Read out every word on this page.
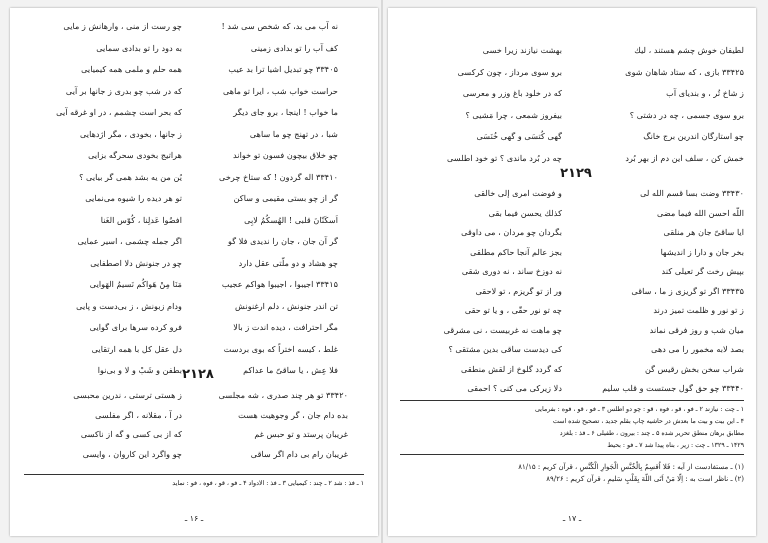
نه آب می بد، که شخص سی شد !
کف آب را تو بدادی زمینی
۳۳۴۰۵ چو تبدیل اشیا ترا بد عیب
حراست خواب شب ، ایرا تو ماهی
ما خواب ! اینجا ، برو جای دیگر
شبا ، در تهنج چو ما ساهی
چو خلاق بیچون فسون تو خواند
۳۳۴۱۰ اله گردون ! که ستاخ چرخی
گر از چو بستی مقیمی و ساکن
اَسکَنّانَ قلبی ! الهُسکُمُ لابِی
گر آن جان ، جان را ندیدی فلا گو
چو هشاد و دو ملّتی عقل دارد
۳۳۴۱۵ اجیبوا ، اجیبوا هواکم عجیب
تن اندر جنونش ، دلم ارغنونش
مگر احترافت ، دیده اندت ز بالا
غلط ، کیسه اختراً که بوی بردست
فلا عِش ، یا ساقیّ ما عداکم
چو رست از منی ، وارهانش ز مایی
به دود را تو بدادی سمایی
همه حلم و ملمی همه کیمیایی
که در شب چو بدری ز جانها بر آیی
که بحر است چشمم ، در او غرقه آیی
ز جانها ، بخودی ، مگر اژدهایی
هراتیج بخودی سحرگه بزایی
یُن من یه بشد همی گر بیایی ؟
تو هر دیده را شیوه می‌نمایی
افضُوا عَدلِنا ، کُوّس الغَنا
اگر جمله چشمی ، اسیر عمایی
چو در جنونش دلا اصطفایی
مَنَا مِنْ هَواکُم نَسیمُ الهَوایی
ودام زبونش ، ز بی‌دست و پایی
فرو کرده سرها برای گوایی
دل عقل کل با همه ارتقایی
بطفن و شَبْ و لا و بی‌نوا ۲۱۲۸
۳۳۴۲۰ تو هر چند صدری ، شه مجلسی
بده دام جان ، گر وجوهیت هست
غریبان پرستد و تو حبس غم
غریبان رام بی دام اگر ساقی
ز هستی ترستی ، ندرین محبسی
در آ ، مقلانه ، اگر مفلسی
که از بی کسی و گه از ناکسی
چو واگرد این کاروان ، وایسی
۱ ـ فذ : شد ۲ ـ چند : کیمیایی ۳ ـ فذ : الادواد ۴ ـ فو ، قو ، فوه ، فو : نماید
ـ ۱۶ ـ
لطیفان خوش چشم هستند ، لیك
۳۳۴۲۵ بازی ، که ستاد شاهان شوی
ز شاخ تُر ، و بندیای آب
برو سوی جسمی ، چه در دشتی ؟
چو استارگان اندرین برج خانگ
خمش کن ، سلف این دم از بهر بُرد
بهشت نیازند زیرا خسی
برو سوی مرداز ، چون کرکسی
که در خلود باغ وزر و معرسی
بیفروز شمعی ، چرا مَشیی ؟
گهی کُتسَی و گهی خُنَسَی
چه در بُرد ماندی ؟ تو خود اطلسی
۲۱۲۹
۳۳۴۳۰ وضت بسا قسم الله لی
اللّه احسن الله فیما مضی
ایا ساقیّ جان هر منلقی
بخر جان و دارا ز اندیشها
بپیش رخت گر تعیلی کند
۳۳۴۳۵ اگر تو گریزی ز ما ، ساقی
ز تو نور و ظلمت تمیز درند
میان شب و روز فرقی نماند
بصد لابه مخمور را می دهی
شراب سخن بخش ر‌قیس گن
۳۳۴۴۰ چو حق گول جستست و قلب سلیم
و فوضت امری إلی خالقی
کذلك یحسن فیما بقی
بگردان چو مردان ، می داوقی
بجز عالم آنجا حاکم مطلقی
نه دوزخ ساند ، نه دوری شقی
ور از تو گریزم ، تو لاحقی
چه تو نور حقّی ، و یا تو حقی
چو ماهت نه غربیست ، نی مشرقی
کی دیدست ساقی بدین مشتقی ؟
که گردد گلوخ از لقش منطقی
دلا زیرکی می کنی ؟ احمقی
۱ ـ چت : نیازند ۲ ـ فو ، قو ، فوه ، قو : چو دو اطلس ۳ ـ فو ، قو ، فوه : بفرمایی
۴ ـ این بیت و بیت ما بعدش در حاشیه چاپ بقلم جدید ، تصحیح شده است
مطابق برهان منطق تحریر شده ۵ ـ چند : بیرون ، طفیلی ۶ ـ فذ : بلغزد
۱۴۲۹ ـ ۱۳۲۹ ـ چت : زیر ، بناه پیدا شد ۷ ـ فو : بحیط
(۱) ـ مستفادست از آیه : فَلا اُقسِمُ بِالْخُنَّسِ الْجَوارِ الْکُنَّسِ ، قرآن کریم : ۸۱/۱۵
(۲) ـ ناظر است به : اِلّا مَنْ اَتَی اللّهَ بِقَلْبٍ سَلیمٍ ، قرآن کریم : ۸۹/۲۶
ـ ۱۷ ـ
